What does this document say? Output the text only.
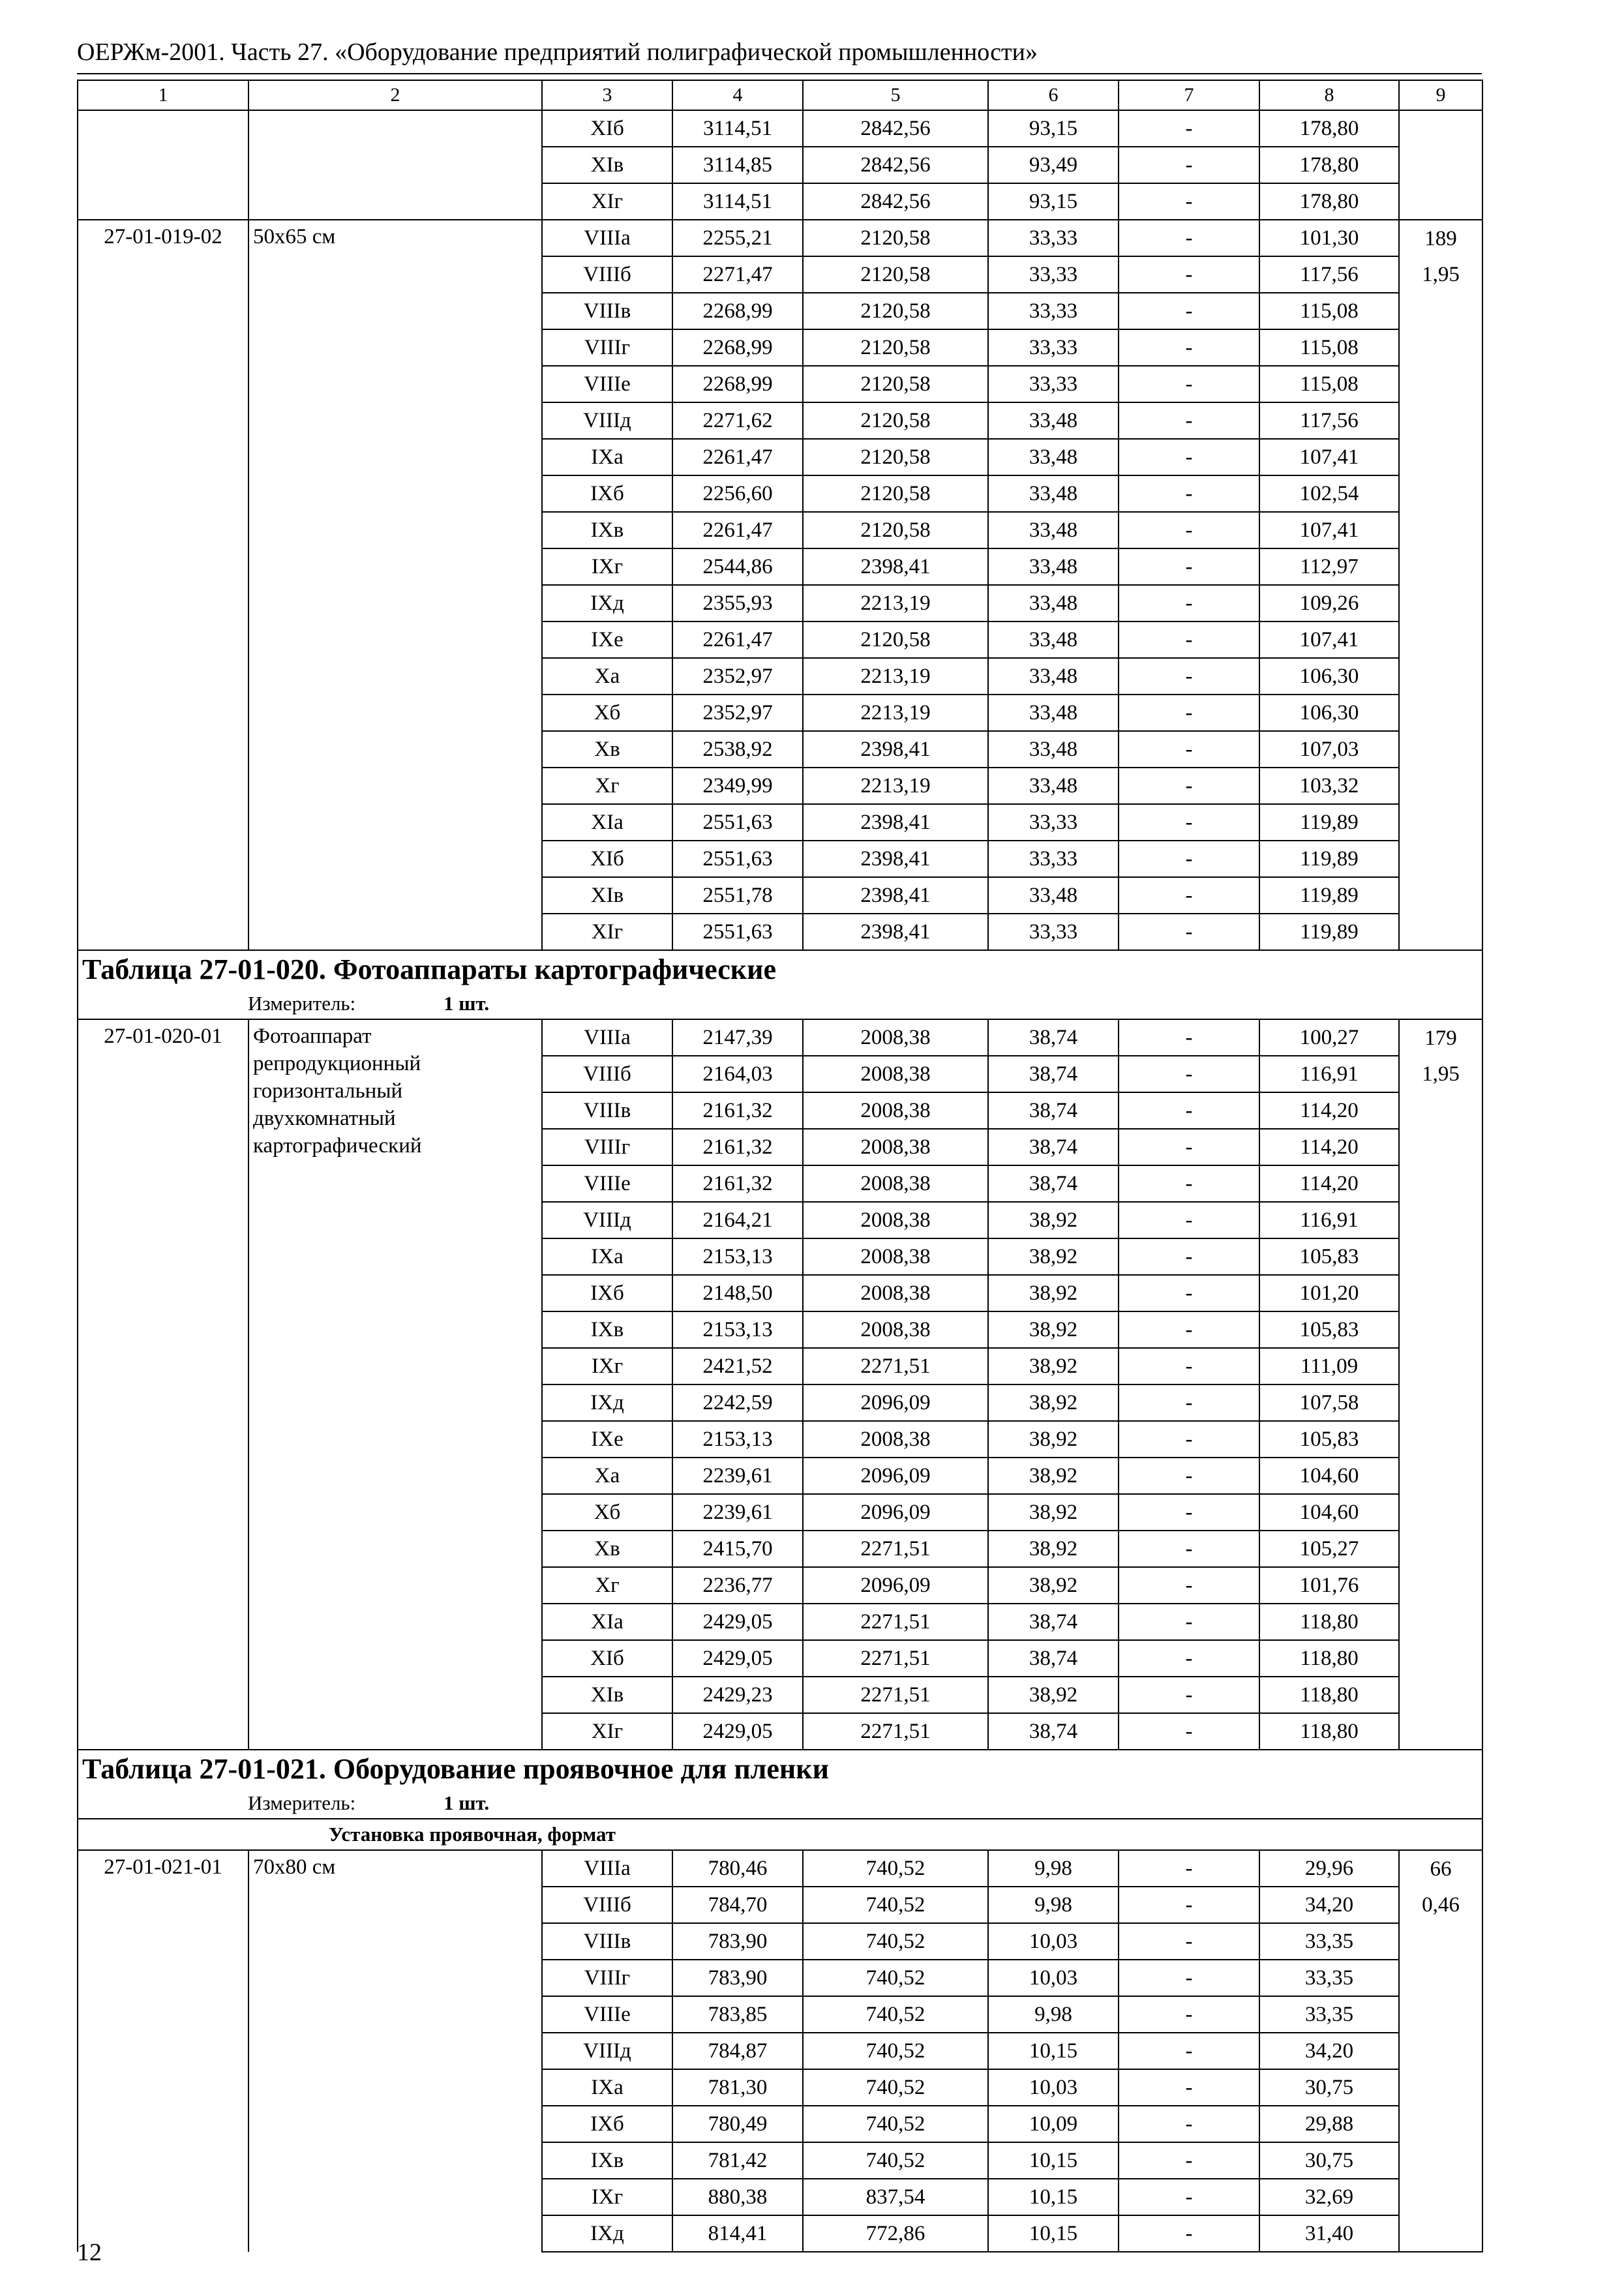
ОЕРЖм-2001. Часть 27. «Оборудование предприятий полиграфической промышленности»
1	2	3	4	5	6	7	8	9
		XIб	3114,51	2842,56	93,15	-	178,80	
		XIв	3114,85	2842,56	93,49	-	178,80	
		XIг	3114,51	2842,56	93,15	-	178,80	
27-01-019-02	50х65 см	VIIIа	2255,21	2120,58	33,33	-	101,30	189
		VIIIб	2271,47	2120,58	33,33	-	117,56	1,95
		VIIIв	2268,99	2120,58	33,33	-	115,08	
		VIIIг	2268,99	2120,58	33,33	-	115,08	
		VIIIе	2268,99	2120,58	33,33	-	115,08	
		VIIIд	2271,62	2120,58	33,48	-	117,56	
		IXа	2261,47	2120,58	33,48	-	107,41	
		IXб	2256,60	2120,58	33,48	-	102,54	
		IXв	2261,47	2120,58	33,48	-	107,41	
		IXг	2544,86	2398,41	33,48	-	112,97	
		IXд	2355,93	2213,19	33,48	-	109,26	
		IXе	2261,47	2120,58	33,48	-	107,41	
		Xа	2352,97	2213,19	33,48	-	106,30	
		Xб	2352,97	2213,19	33,48	-	106,30	
		Xв	2538,92	2398,41	33,48	-	107,03	
		Xг	2349,99	2213,19	33,48	-	103,32	
		XIа	2551,63	2398,41	33,33	-	119,89	
		XIб	2551,63	2398,41	33,33	-	119,89	
		XIв	2551,78	2398,41	33,48	-	119,89	
		XIг	2551,63	2398,41	33,33	-	119,89	
Таблица 27-01-020. Фотоаппараты картографические								
Измеритель: 1 шт.								
27-01-020-01	Фотоаппарат
репродукционный
горизонтальный
двухкомнатный
картографический	VIIIа	2147,39	2008,38	38,74	-	100,27	179
		VIIIб	2164,03	2008,38	38,74	-	116,91	1,95
		VIIIв	2161,32	2008,38	38,74	-	114,20	
		VIIIг	2161,32	2008,38	38,74	-	114,20	
		VIIIе	2161,32	2008,38	38,74	-	114,20	
		VIIIд	2164,21	2008,38	38,92	-	116,91	
		IXа	2153,13	2008,38	38,92	-	105,83	
		IXб	2148,50	2008,38	38,92	-	101,20	
		IXв	2153,13	2008,38	38,92	-	105,83	
		IXг	2421,52	2271,51	38,92	-	111,09	
		IXд	2242,59	2096,09	38,92	-	107,58	
		IXе	2153,13	2008,38	38,92	-	105,83	
		Xа	2239,61	2096,09	38,92	-	104,60	
		Xб	2239,61	2096,09	38,92	-	104,60	
		Xв	2415,70	2271,51	38,92	-	105,27	
		Xг	2236,77	2096,09	38,92	-	101,76	
		XIа	2429,05	2271,51	38,74	-	118,80	
		XIб	2429,05	2271,51	38,74	-	118,80	
		XIв	2429,23	2271,51	38,92	-	118,80	
		XIг	2429,05	2271,51	38,74	-	118,80	
Таблица 27-01-021. Оборудование проявочное для пленки								
Измеритель: 1 шт.								
Установка проявочная, формат								
27-01-021-01	70х80 см	VIIIа	780,46	740,52	9,98	-	29,96	66
		VIIIб	784,70	740,52	9,98	-	34,20	0,46
		VIIIв	783,90	740,52	10,03	-	33,35	
		VIIIг	783,90	740,52	10,03	-	33,35	
		VIIIе	783,85	740,52	9,98	-	33,35	
		VIIIд	784,87	740,52	10,15	-	34,20	
		IXа	781,30	740,52	10,03	-	30,75	
		IXб	780,49	740,52	10,09	-	29,88	
		IXв	781,42	740,52	10,15	-	30,75	
		IXг	880,38	837,54	10,15	-	32,69	
		IXд	814,41	772,86	10,15	-	31,40	
12
